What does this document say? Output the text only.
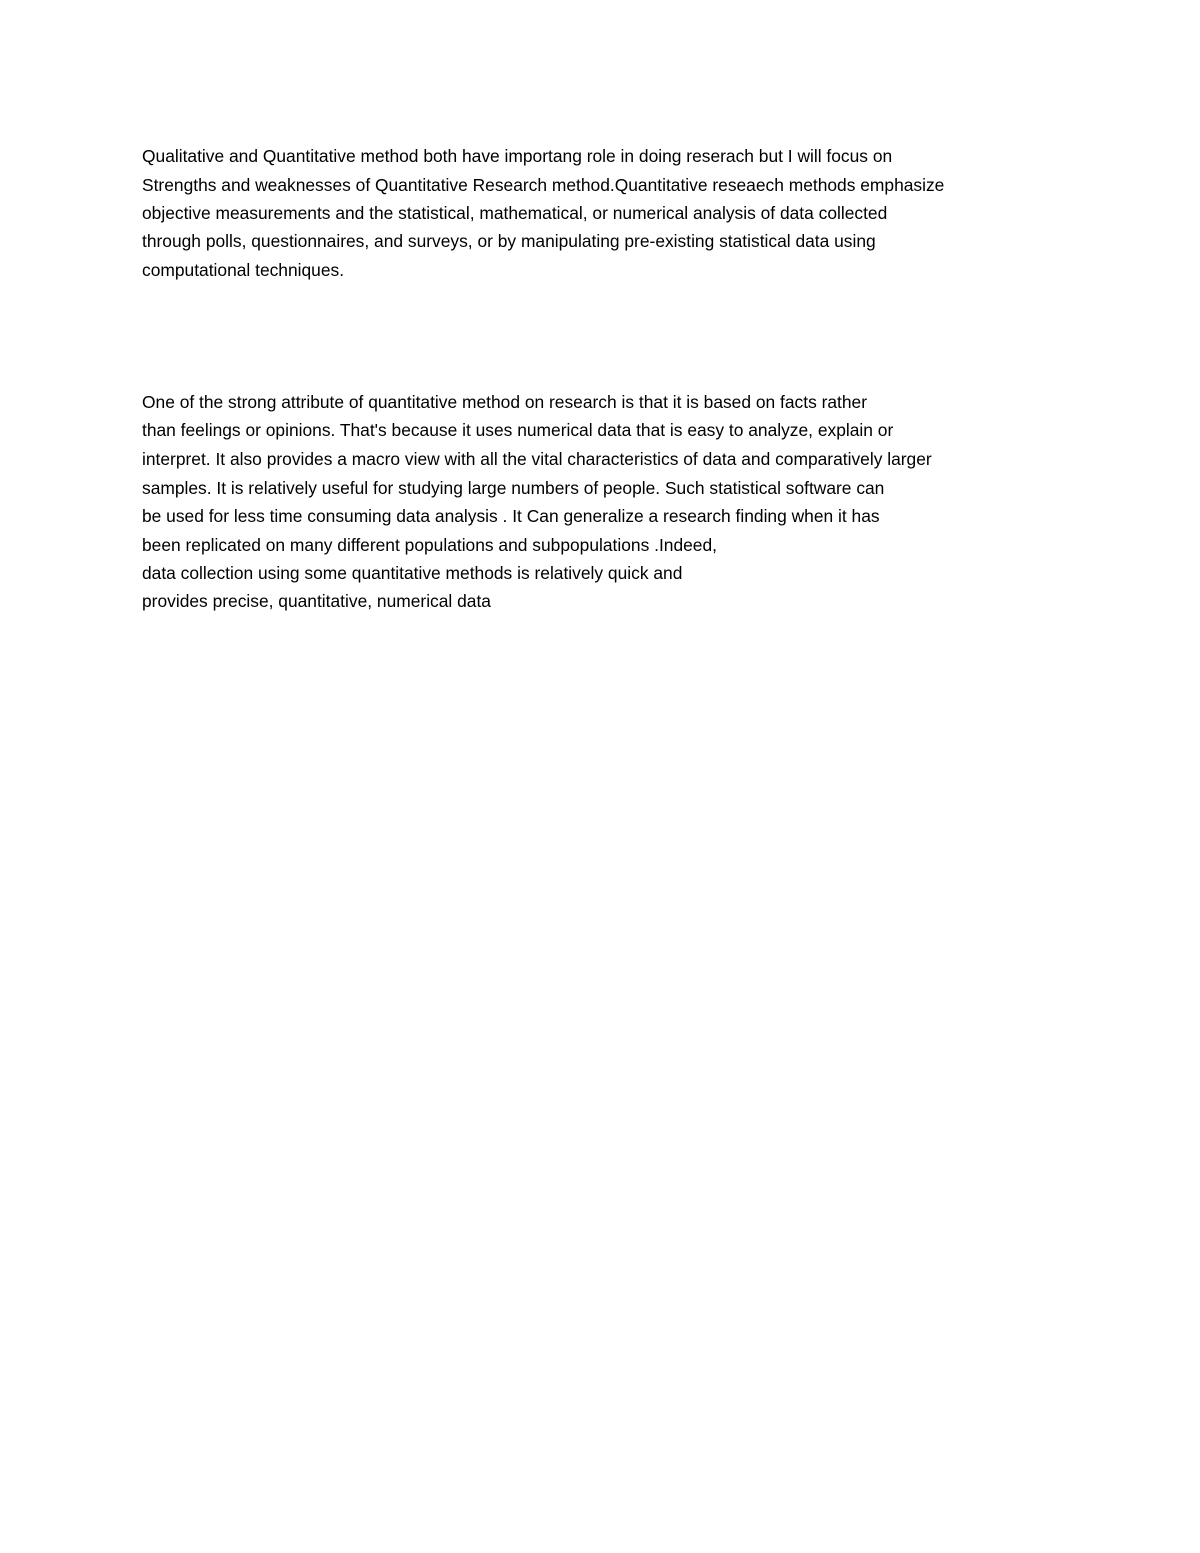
Qualitative and Quantitative method both have importang role in doing reserach but I will focus on
Strengths and weaknesses of Quantitative Research method.Quantitative reseaech methods emphasize
objective measurements and the statistical, mathematical, or numerical analysis of data collected
through polls, questionnaires, and surveys, or by manipulating pre-existing statistical data using
computational techniques.
One of the strong attribute of quantitative method on research is that it is based on facts rather
than feelings or opinions. That's because it uses numerical data that is easy to analyze, explain or
interpret. It also provides a macro view with all the vital characteristics of data and comparatively larger
samples. It is relatively useful for studying large numbers of people. Such statistical software can
be used for less time consuming data analysis . It Can generalize a research finding when it has
been replicated on many different populations and subpopulations .Indeed,
data collection using some quantitative methods is relatively quick and
provides precise, quantitative, numerical data
